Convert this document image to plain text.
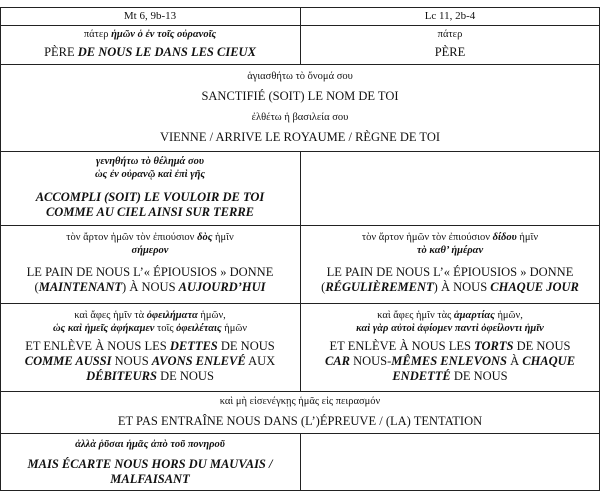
Mt 6, 9b-13	Lc 11, 2b-4
πάτερ ἡμῶν ὁ ἐν τοῖς οὐρανοῖς
PÈRE DE NOUS LE DANS LES CIEUX
πάτερ
PÈRE
ἁγιασθήτω τὸ ὄνομά σου
SANCTIFIÉ (SOIT) LE NOM DE TOI
ἐλθέτω ἡ βασιλεία σου
VIENNE / ARRIVE LE ROYAUME / RÈGNE DE TOI
γενηθήτω τὸ θέλημά σου
ὡς ἐν οὐρανῷ καὶ ἐπὶ γῆς
ACCOMPLI (SOIT) LE VOULOIR DE TOI
COMME AU CIEL AINSI SUR TERRE
τὸν ἄρτον ἡμῶν τὸν ἐπιούσιον δὸς ἡμῖν
σήμερον
LE PAIN DE NOUS L’« ÉPIOUSIOS » DONNE
(MAINTENANT) À NOUS AUJOURD’HUI
τὸν ἄρτον ἡμῶν τὸν ἐπιούσιον δίδου ἡμῖν
τὸ καθ’ ἡμέραν
LE PAIN DE NOUS L’« ÉPIOUSIOS » DONNE
(RÉGULIÈREMENT) À NOUS CHAQUE JOUR
καὶ ἄφες ἡμῖν τὰ ὀφειλήματα ἡμῶν,
ὡς καὶ ἡμεῖς ἀφήκαμεν τοῖς ὀφειλέταις ἡμῶν
ET ENLÈVE À NOUS LES DETTES DE NOUS
COMME AUSSI NOUS AVONS ENLEVÉ AUX
DÉBITEURS DE NOUS
καὶ ἄφες ἡμῖν τὰς ἁμαρτίας ἡμῶν,
καὶ γὰρ αὐτοὶ ἀφίομεν παντὶ ὀφείλοντι ἡμῖν
ET ENLÈVE À NOUS LES TORTS DE NOUS
CAR NOUS-MÊMES ENLEVONS À CHAQUE
ENDETTÉ DE NOUS
καὶ μὴ εἰσενέγκῃς ἡμᾶς εἰς πειρασμόν
ET PAS ENTRAÎNE NOUS DANS (L’)ÉPREUVE / (LA) TENTATION
ἀλλὰ ῥῦσαι ἡμᾶς ἀπὸ τοῦ πονηροῦ
MAIS ÉCARTE NOUS HORS DU MAUVAIS /
MALFAISANT
